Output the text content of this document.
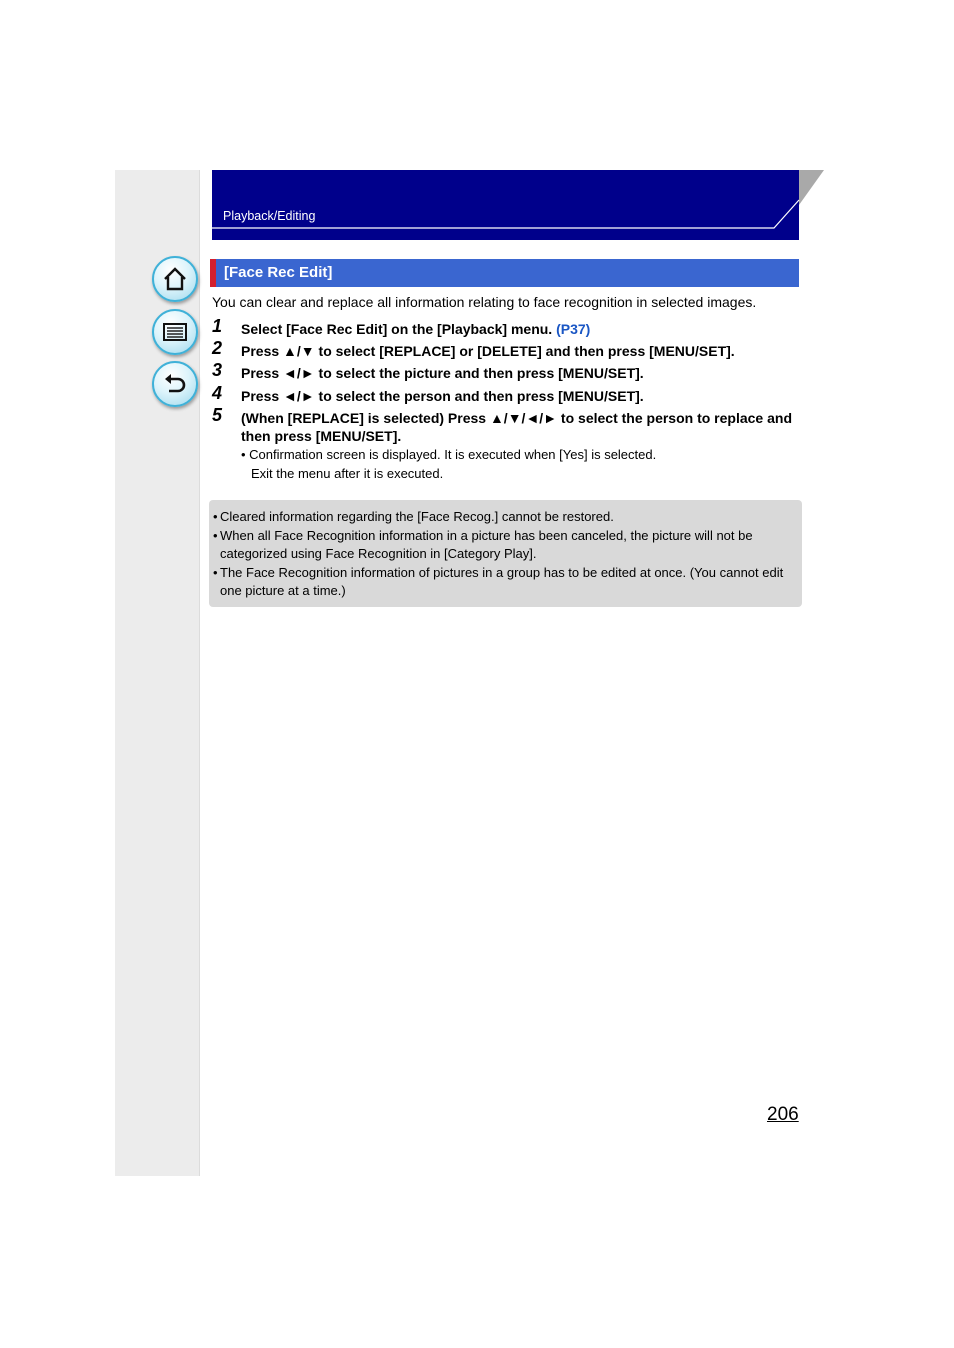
Playback/Editing
[Face Rec Edit]
You can clear and replace all information relating to face recognition in selected images.
1 Select [Face Rec Edit] on the [Playback] menu. (P37)
2 Press ▲/▼ to select [REPLACE] or [DELETE] and then press [MENU/SET].
3 Press ◄/► to select the picture and then press [MENU/SET].
4 Press ◄/► to select the person and then press [MENU/SET].
5 (When [REPLACE] is selected) Press ▲/▼/◄/► to select the person to replace and then press [MENU/SET].
• Confirmation screen is displayed. It is executed when [Yes] is selected.
Exit the menu after it is executed.
• Cleared information regarding the [Face Recog.] cannot be restored.
• When all Face Recognition information in a picture has been canceled, the picture will not be categorized using Face Recognition in [Category Play].
• The Face Recognition information of pictures in a group has to be edited at once. (You cannot edit one picture at a time.)
206
